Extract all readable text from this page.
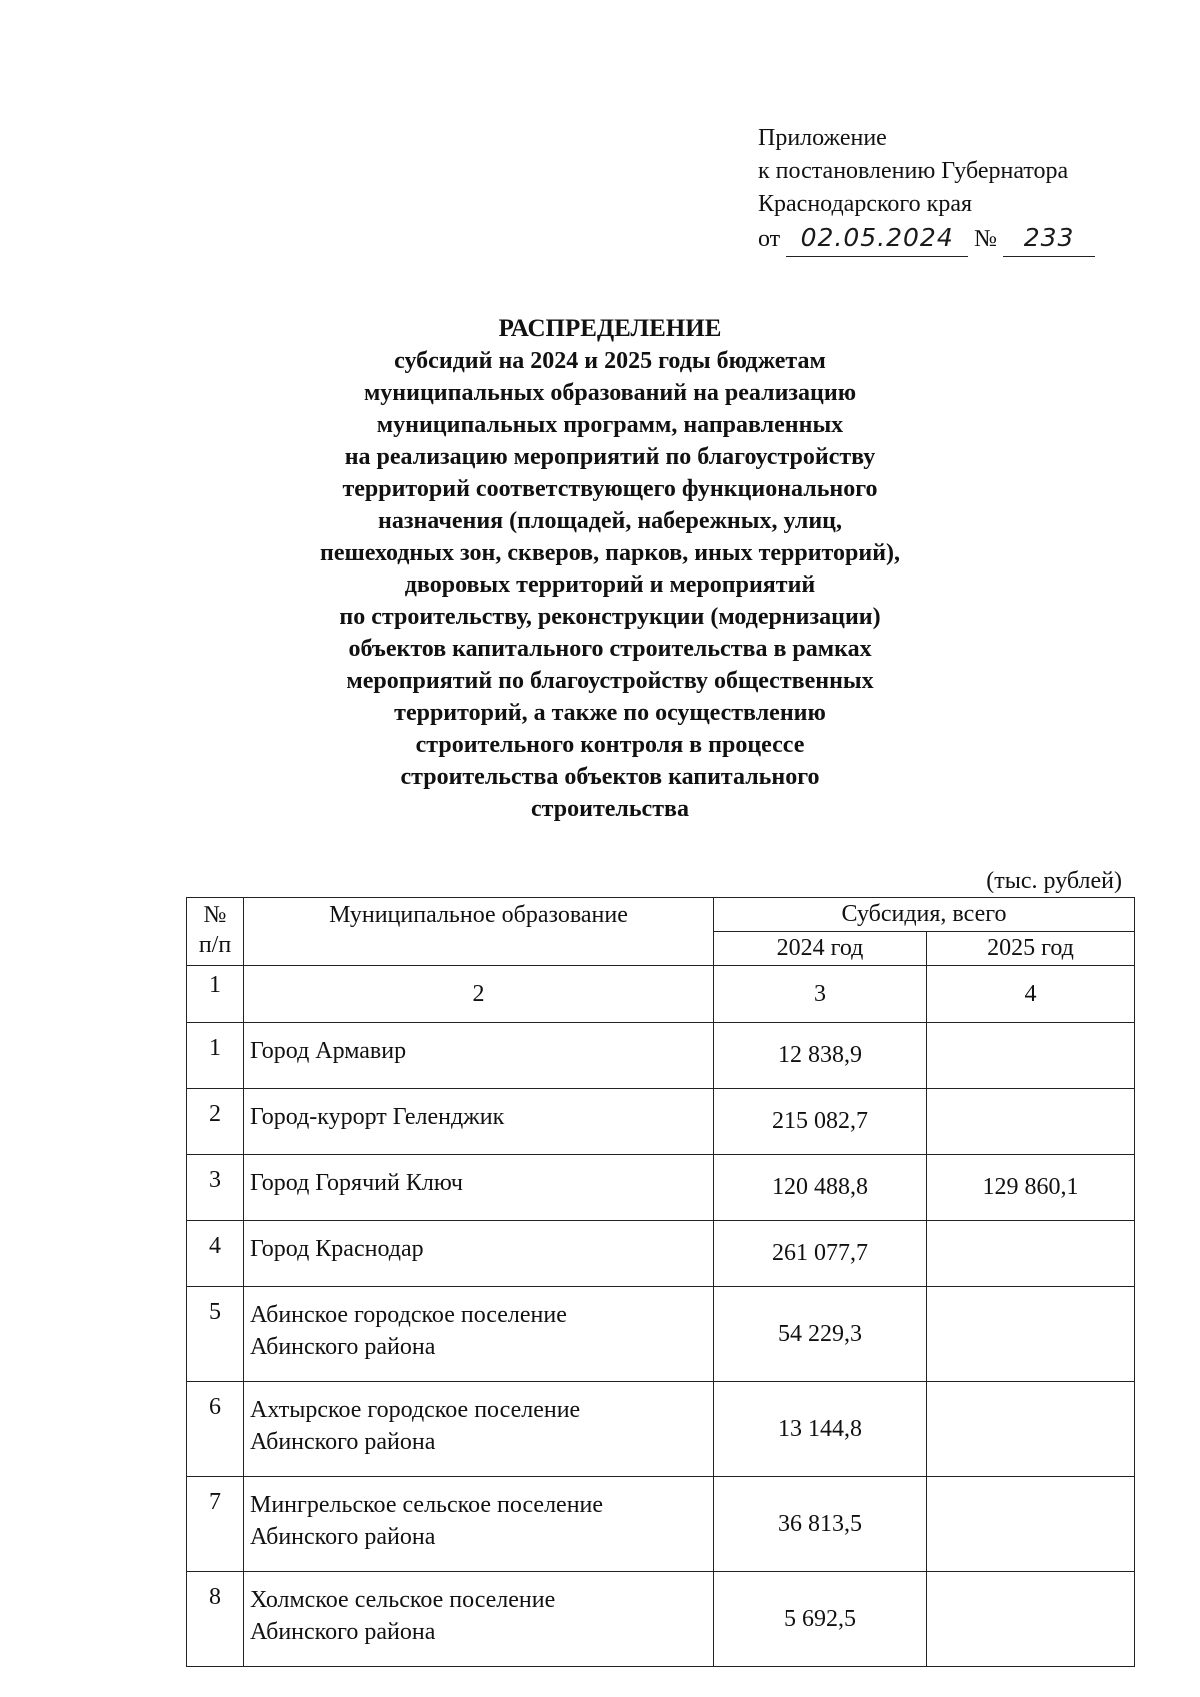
Приложение
к постановлению Губернатора
Краснодарского края
от 02.05.2024 № 233
РАСПРЕДЕЛЕНИЕ
субсидий на 2024 и 2025 годы бюджетам
муниципальных образований на реализацию
муниципальных программ, направленных
на реализацию мероприятий по благоустройству
территорий соответствующего функционального
назначения (площадей, набережных, улиц,
пешеходных зон, скверов, парков, иных территорий),
дворовых территорий и мероприятий
по строительству, реконструкции (модернизации)
объектов капитального строительства в рамках
мероприятий по благоустройству общественных
территорий, а также по осуществлению
строительного контроля в процессе
строительства объектов капитального
строительства
(тыс. рублей)
№
п/п	Муниципальное образование	Субсидия, всего	
		2024 год	2025 год
1	2	3	4
1	Город Армавир	12 838,9	
2	Город-курорт Геленджик	215 082,7	
3	Город Горячий Ключ	120 488,8	129 860,1
4	Город Краснодар	261 077,7	
5	Абинское городское поселение
Абинского района	54 229,3	
6	Ахтырское городское поселение
Абинского района	13 144,8	
7	Мингрельское сельское поселение
Абинского района	36 813,5	
8	Холмское сельское поселение
Абинского района	5 692,5	
